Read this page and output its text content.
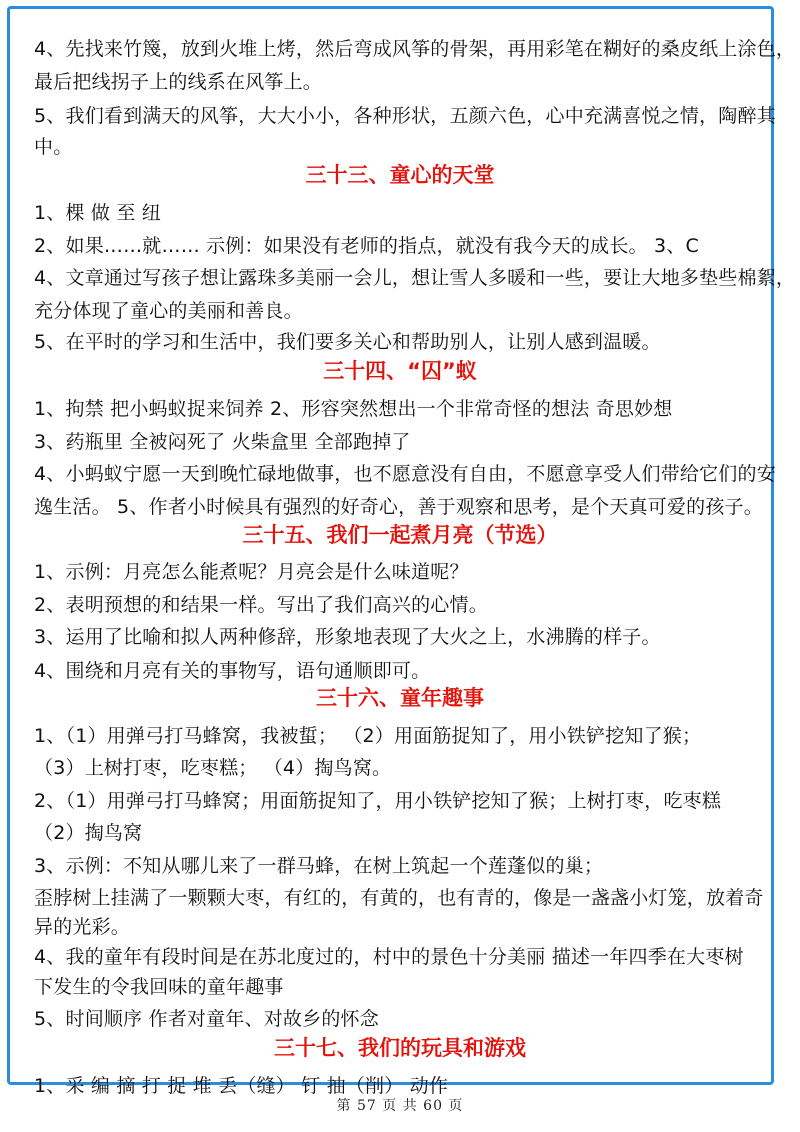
4、先找来竹篾，放到火堆上烤，然后弯成风筝的骨架，再用彩笔在糊好的桑皮纸上涂色，
最后把线拐子上的线系在风筝上。
5、我们看到满天的风筝，大大小小，各种形状，五颜六色，心中充满喜悦之情，陶醉其
中。
三十三、童心的天堂
1、棵 做 至 纽
2、如果……就…… 示例：如果没有老师的指点，就没有我今天的成长。 3、C
4、文章通过写孩子想让露珠多美丽一会儿，想让雪人多暖和一些，要让大地多垫些棉絮，
充分体现了童心的美丽和善良。
5、在平时的学习和生活中，我们要多关心和帮助别人，让别人感到温暖。
三十四、“囚”蚁
1、拘禁 把小蚂蚁捉来饲养 2、形容突然想出一个非常奇怪的想法 奇思妙想
3、药瓶里 全被闷死了 火柴盒里 全部跑掉了
4、小蚂蚁宁愿一天到晚忙碌地做事，也不愿意没有自由，不愿意享受人们带给它们的安
逸生活。 5、作者小时候具有强烈的好奇心，善于观察和思考，是个天真可爱的孩子。
三十五、我们一起煮月亮（节选）
1、示例：月亮怎么能煮呢？月亮会是什么味道呢？
2、表明预想的和结果一样。写出了我们高兴的心情。
3、运用了比喻和拟人两种修辞，形象地表现了大火之上，水沸腾的样子。
4、围绕和月亮有关的事物写，语句通顺即可。
三十六、童年趣事
1、（1）用弹弓打马蜂窝，我被蜇； （2）用面筋捉知了，用小铁铲挖知了猴；
（3）上树打枣，吃枣糕； （4）掏鸟窝。
2、（1）用弹弓打马蜂窝；用面筋捉知了，用小铁铲挖知了猴；上树打枣，吃枣糕
（2）掏鸟窝
3、示例：不知从哪儿来了一群马蜂，在树上筑起一个莲蓬似的巢；
歪脖树上挂满了一颗颗大枣，有红的，有黄的，也有青的，像是一盏盏小灯笼，放着奇
异的光彩。
4、我的童年有段时间是在苏北度过的，村中的景色十分美丽 描述一年四季在大枣树
下发生的令我回味的童年趣事
5、时间顺序 作者对童年、对故乡的怀念
三十七、我们的玩具和游戏
1、采 编 摘 打 捉 堆 丢（缝） 钉 抽（削） 动作
第 57 页 共 60 页
